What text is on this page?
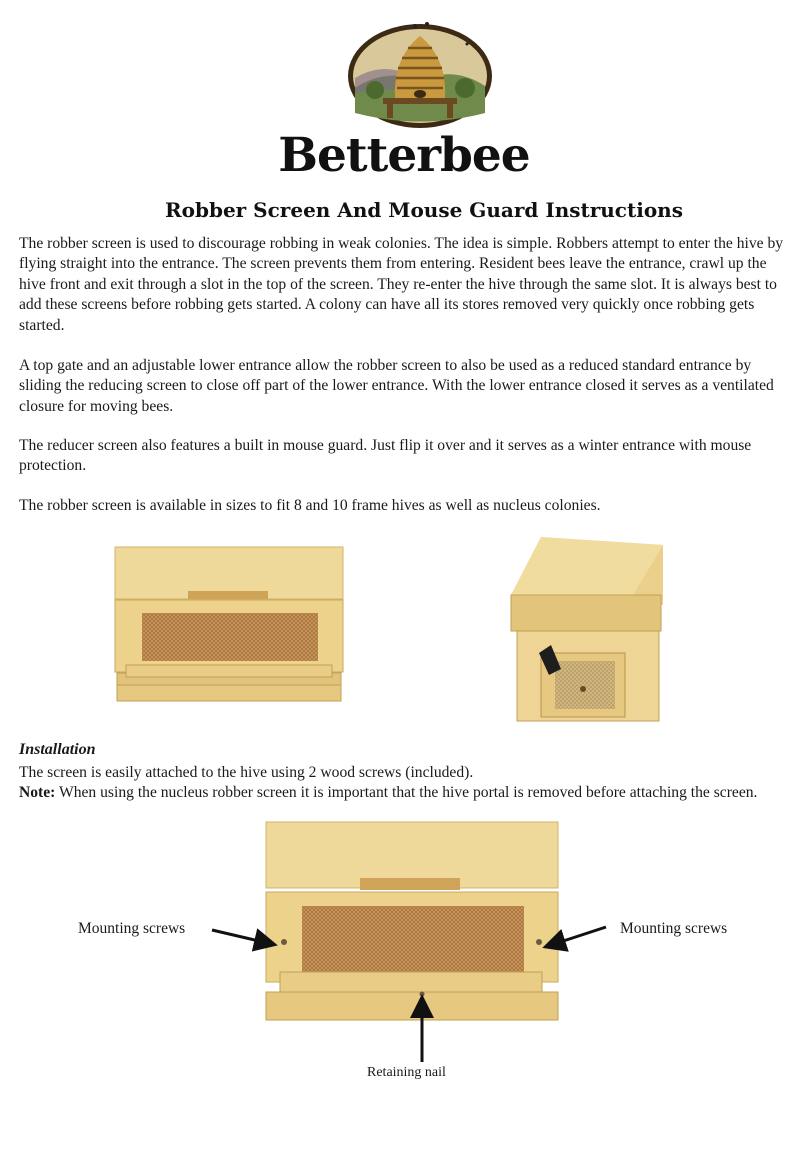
Betterbee
Robber Screen And Mouse Guard Instructions

The robber screen is used to discourage robbing in weak colonies. The idea is simple. Robbers attempt to enter the hive by flying straight into the entrance. The screen prevents them from entering. Resident bees leave the entrance, crawl up the hive front and exit through a slot in the top of the screen. They re-enter the hive through the same slot. It is always best to add these screens before robbing gets started. A colony can have all its stores removed very quickly once robbing gets started.

A top gate and an adjustable lower entrance allow the robber screen to also be used as a reduced standard entrance by sliding the reducing screen to close off part of the lower entrance. With the lower entrance closed it serves as a ventilated closure for moving bees.

The reducer screen also features a built in mouse guard. Just flip it over and it serves as a winter entrance with mouse protection.

The robber screen is available in sizes to fit 8 and 10 frame hives as well as nucleus colonies.

Installation

The screen is easily attached to the hive using 2 wood screws (included).

Note: When using the nucleus robber screen it is important that the hive portal is removed before attaching the screen.

Mounting screws	Mounting screws
Retaining nail
